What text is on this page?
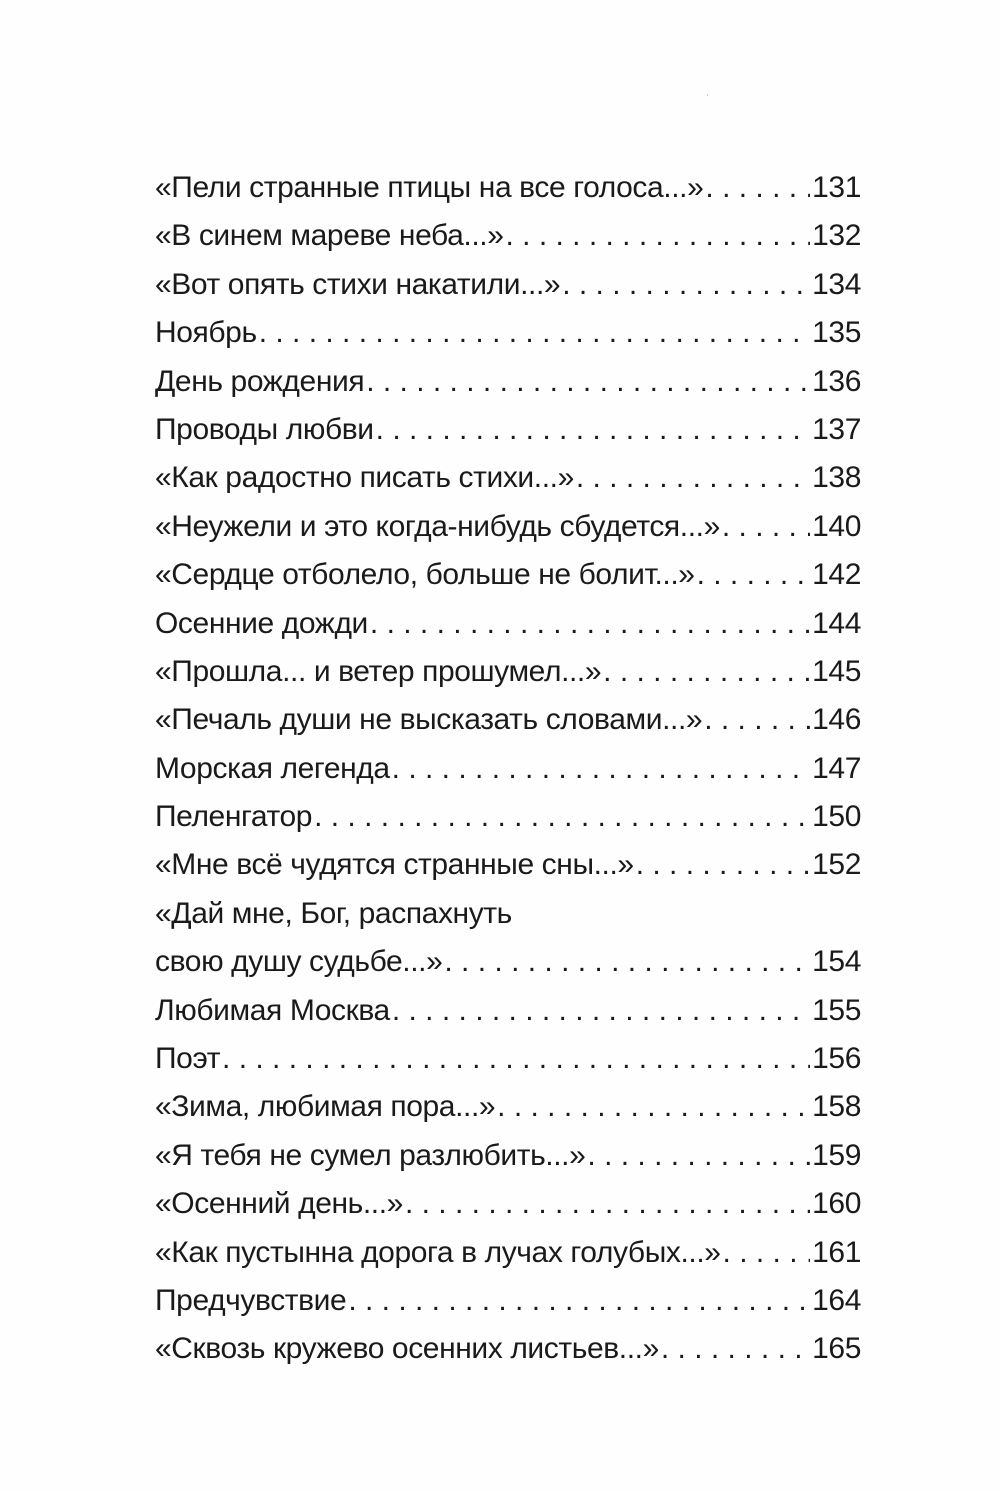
«Пели странные птицы на все голоса...» . . .	131
«В синем мареве неба...» . . .	132
«Вот опять стихи накатили...» . . .	134
Ноябрь . . .	135
День рождения . . .	136
Проводы любви . . .	137
«Как радостно писать стихи...» . . .	138
«Неужели и это когда-нибудь сбудется...» . . .	140
«Сердце отболело, больше не болит...» . . .	142
Осенние дожди . . .	144
«Прошла... и ветер прошумел...» . . .	145
«Печаль души не высказать словами...» . . .	146
Морская легенда . . .	147
Пеленгатор . . .	150
«Мне всё чудятся странные сны...» . . .	152
«Дай мне, Бог, распахнуть
свою душу судьбе...» . . .	154
Любимая Москва . . .	155
Поэт . . .	156
«Зима, любимая пора...» . . .	158
«Я тебя не сумел разлюбить...» . . .	159
«Осенний день...» . . .	160
«Как пустынна дорога в лучах голубых...» . . .	161
Предчувствие . . .	164
«Сквозь кружево осенних листьев...» . . .	165
